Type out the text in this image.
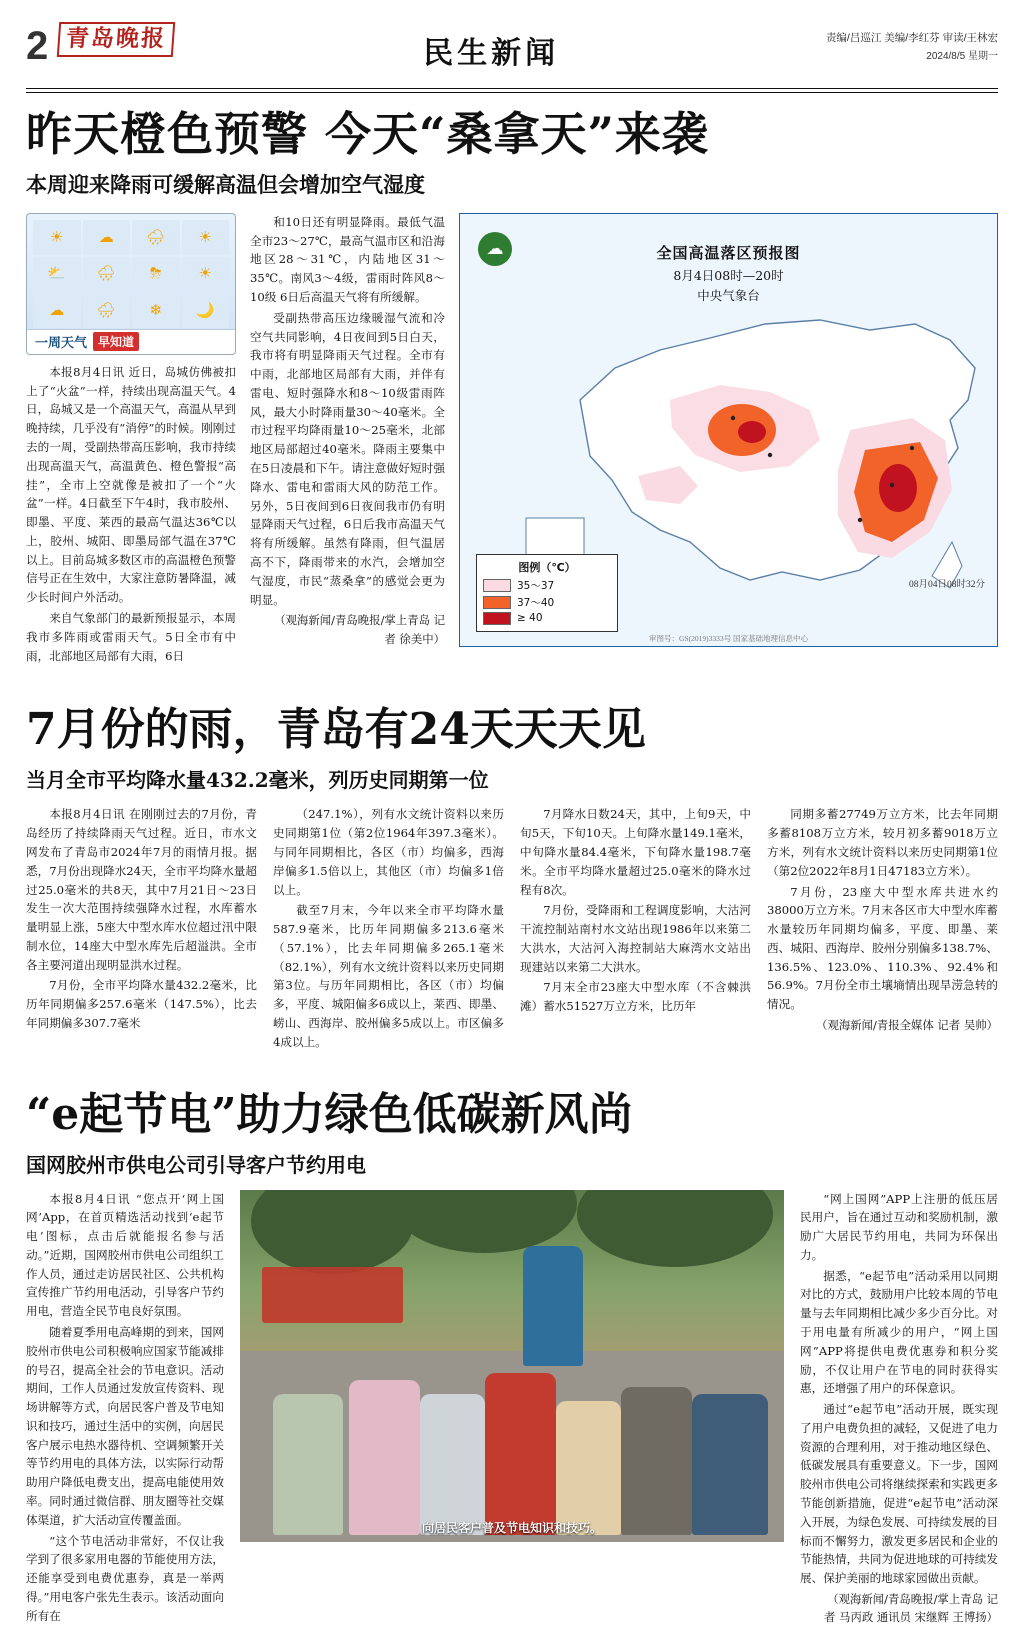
2 青岛晚报	民生新闻	责编/吕巡江 美编/李红芬 审读/王林宏
2024/8/5 星期一
昨天橙色预警 今天“桑拿天”来袭
本周迎来降雨可缓解高温但会增加空气湿度
☀	☁	🌧	☀
⛅	🌧	⛈	☀
☁	🌧	❄	🌙
一周天气 早知道

本报8月4日讯 近日，岛城仿佛被扣上了“火盆”一样，持续出现高温天气。4日，岛城又是一个高温天气，高温从早到晚持续，几乎没有“消停”的时候。刚刚过去的一周，受副热带高压影响，我市持续出现高温天气，高温黄色、橙色警报“高挂”，全市上空就像是被扣了一个“火盆”一样。4日截至下午4时，我市胶州、即墨、平度、莱西的最高气温达36℃以上，胶州、城阳、即墨局部气温在37℃以上。目前岛城多数区市的高温橙色预警信号正在生效中，大家注意防暑降温，减少长时间户外活动。

来自气象部门的最新预报显示，本周我市多阵雨或雷雨天气。5日全市有中雨，北部地区局部有大雨，6日

和10日还有明显降雨。最低气温全市23～27℃，最高气温市区和沿海地区28～31℃，内陆地区31～35℃。南风3～4级，雷雨时阵风8～10级 6日后高温天气将有所缓解。

受副热带高压边缘暖湿气流和冷空气共同影响，4日夜间到5日白天，我市将有明显降雨天气过程。全市有中雨，北部地区局部有大雨，并伴有雷电、短时强降水和8～10级雷雨阵风，最大小时降雨量30～40毫米。全市过程平均降雨量10～25毫米，北部地区局部超过40毫米。降雨主要集中在5日凌晨和下午。请注意做好短时强降水、雷电和雷雨大风的防范工作。另外，5日夜间到6日夜间我市仍有明显降雨天气过程，6日后我市高温天气将有所缓解。虽然有降雨，但气温居高不下，降雨带来的水汽，会增加空气湿度，市民“蒸桑拿”的感觉会更为明显。

（观海新闻/青岛晚报/掌上青岛 记者 徐美中）

☁	全国高温落区预报图
8月4日08时—20时
中央气象台
图例（℃）
35～37
37～40
≥ 40
08月04日08时32分
审图号：GS(2019)3333号 国家基础地理信息中心
7月份的雨，青岛有24天天天见
当月全市平均降水量432.2毫米，列历史同期第一位

本报8月4日讯 在刚刚过去的7月份，青岛经历了持续降雨天气过程。近日，市水文网发布了青岛市2024年7月的雨情月报。据悉，7月份出现降水24天，全市平均降水量超过25.0毫米的共8天，其中7月21日～23日发生一次大范围持续强降水过程，水库蓄水量明显上涨，5座大中型水库水位超过汛中限制水位，14座大中型水库先后超溢洪。全市各主要河道出现明显洪水过程。

7月份，全市平均降水量432.2毫米，比历年同期偏多257.6毫米（147.5%），比去年同期偏多307.7毫米

（247.1%），列有水文统计资料以来历史同期第1位（第2位1964年397.3毫米）。与同年同期相比，各区（市）均偏多，西海岸偏多1.5倍以上，其他区（市）均偏多1倍以上。

截至7月末，今年以来全市平均降水量587.9毫米，比历年同期偏多213.6毫米（57.1%），比去年同期偏多265.1毫米（82.1%），列有水文统计资料以来历史同期第3位。与历年同期相比，各区（市）均偏多，平度、城阳偏多6成以上，莱西、即墨、崂山、西海岸、胶州偏多5成以上。市区偏多4成以上。

7月降水日数24天，其中，上旬9天，中旬5天，下旬10天。上旬降水量149.1毫米，中旬降水量84.4毫米，下旬降水量198.7毫米。全市平均降水量超过25.0毫米的降水过程有8次。

7月份，受降雨和工程调度影响，大沽河干流控制站南村水文站出现1986年以来第二大洪水，大沽河入海控制站大麻湾水文站出现建站以来第二大洪水。

7月末全市23座大中型水库（不含棘洪滩）蓄水51527万立方米，比历年

同期多蓄27749万立方米，比去年同期多蓄8108万立方米，较月初多蓄9018万立方米，列有水文统计资料以来历史同期第1位（第2位2022年8月1日47183立方米）。

7月份，23座大中型水库共进水约38000万立方米。7月末各区市大中型水库蓄水量较历年同期均偏多，平度、即墨、莱西、城阳、西海岸、胶州分别偏多138.7%、136.5%、123.0%、110.3%、92.4%和56.9%。7月份全市土壤墒情出现旱涝急转的情况。

（观海新闻/青报全媒体 记者 吴帅）

“e起节电”助力绿色低碳新风尚
国网胶州市供电公司引导客户节约用电

本报8月4日讯 “您点开‘网上国网’App，在首页精选活动找到‘e起节电’图标，点击后就能报名参与活动。”近期，国网胶州市供电公司组织工作人员，通过走访居民社区、公共机构宣传推广节约用电活动，引导客户节约用电，营造全民节电良好氛围。

随着夏季用电高峰期的到来，国网胶州市供电公司积极响应国家节能减排的号召，提高全社会的节电意识。活动期间，工作人员通过发放宣传资料、现场讲解等方式，向居民客户普及节电知识和技巧，通过生活中的实例，向居民客户展示电热水器待机、空调频繁开关等节约用电的具体方法，以实际行动帮助用户降低电费支出，提高电能使用效率。同时通过微信群、朋友圈等社交媒体渠道，扩大活动宣传覆盖面。

“这个节电活动非常好，不仅让我学到了很多家用电器的节能使用方法，还能享受到电费优惠券，真是一举两得。”用电客户张先生表示。该活动面向所有在

向居民客户普及节电知识和技巧。

“网上国网”APP上注册的低压居民用户，旨在通过互动和奖励机制，激励广大居民节约用电，共同为环保出力。

据悉，“e起节电”活动采用以同期对比的方式，鼓励用户比较本周的节电量与去年同期相比减少多少百分比。对于用电量有所减少的用户，“网上国网”APP将提供电费优惠券和积分奖励，不仅让用户在节电的同时获得实惠，还增强了用户的环保意识。

通过“e起节电”活动开展，既实现了用户电费负担的减轻，又促进了电力资源的合理利用，对于推动地区绿色、低碳发展具有重要意义。下一步，国网胶州市供电公司将继续探索和实践更多节能创新措施，促进“e起节电”活动深入开展，为绿色发展、可持续发展的目标而不懈努力，激发更多居民和企业的节能热情，共同为促进地球的可持续发展、保护美丽的地球家园做出贡献。

（观海新闻/青岛晚报/掌上青岛 记者 马丙政 通讯员 宋继辉 王博扬）
